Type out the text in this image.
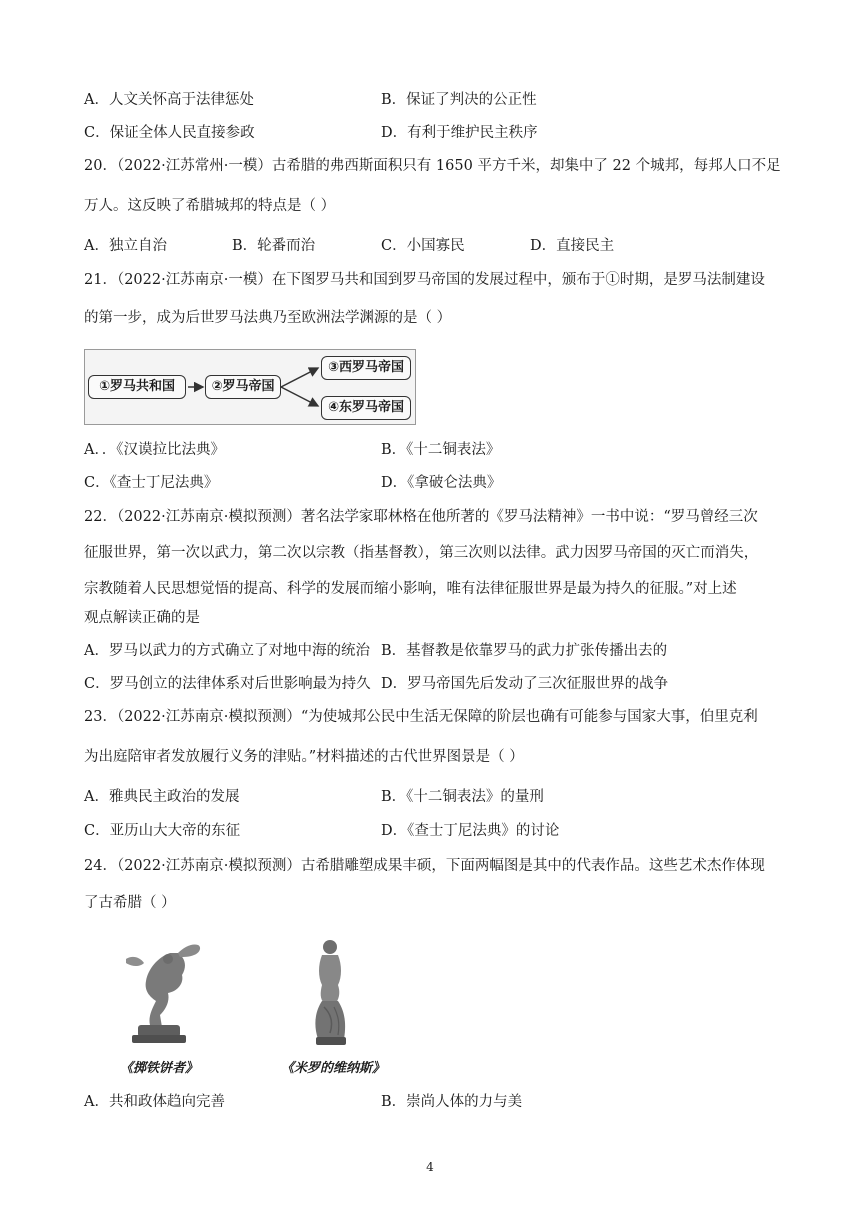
A．人文关怀高于法律惩处	B．保证了判决的公正性
C．保证全体人民直接参政	D．有利于维护民主秩序
20．（2022·江苏常州·一模）古希腊的弗西斯面积只有 1650 平方千米，却集中了 22 个城邦，每邦人口不足
万人。这反映了希腊城邦的特点是（ ）
A．独立自治	B．轮番而治	C．小国寡民	D．直接民主
21．（2022·江苏南京·一模）在下图罗马共和国到罗马帝国的发展过程中，颁布于①时期，是罗马法制建设
的第一步，成为后世罗马法典乃至欧洲法学渊源的是（ ）
①罗马共和国	②罗马帝国
③西罗马帝国
④东罗马帝国
A．．《汉谟拉比法典》	B．《十二铜表法》
C．《查士丁尼法典》	D．《拿破仑法典》
22．（2022·江苏南京·模拟预测）著名法学家耶林格在他所著的《罗马法精神》一书中说：“罗马曾经三次
征服世界，第一次以武力，第二次以宗教（指基督教），第三次则以法律。武力因罗马帝国的灭亡而消失，
宗教随着人民思想觉悟的提高、科学的发展而缩小影响，唯有法律征服世界是最为持久的征服。”对上述
观点解读正确的是
A．罗马以武力的方式确立了对地中海的统治 B．基督教是依靠罗马的武力扩张传播出去的
C．罗马创立的法律体系对后世影响最为持久 D．罗马帝国先后发动了三次征服世界的战争
23．（2022·江苏南京·模拟预测）“为使城邦公民中生活无保障的阶层也确有可能参与国家大事，伯里克利
为出庭陪审者发放履行义务的津贴。”材料描述的古代世界图景是（ ）
A．雅典民主政治的发展	B．《十二铜表法》的量刑
C．亚历山大大帝的东征	D．《查士丁尼法典》的讨论
24．（2022·江苏南京·模拟预测）古希腊雕塑成果丰硕，下面两幅图是其中的代表作品。这些艺术杰作体现
了古希腊（ ）
《掷铁饼者》	《米罗的维纳斯》
A．共和政体趋向完善	B．崇尚人体的力与美
4
